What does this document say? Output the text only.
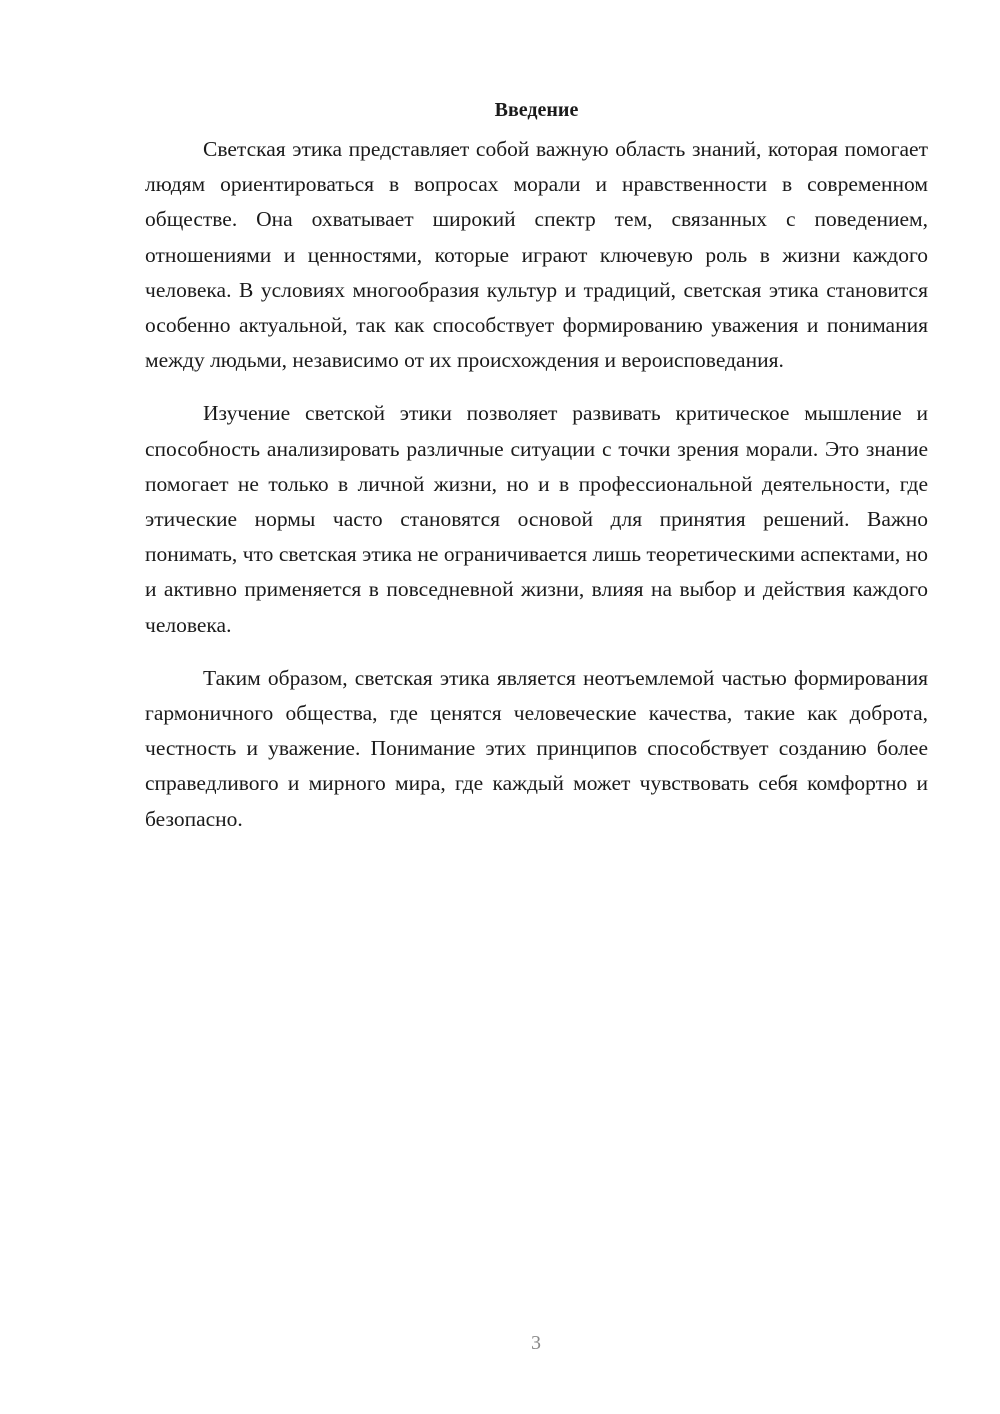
Введение

Светская этика представляет собой важную область знаний, которая помогает людям ориентироваться в вопросах морали и нравственности в современном обществе. Она охватывает широкий спектр тем, связанных с поведением, отношениями и ценностями, которые играют ключевую роль в жизни каждого человека. В условиях многообразия культур и традиций, светская этика становится особенно актуальной, так как способствует формированию уважения и понимания между людьми, независимо от их происхождения и вероисповедания.

Изучение светской этики позволяет развивать критическое мышление и способность анализировать различные ситуации с точки зрения морали. Это знание помогает не только в личной жизни, но и в профессиональной деятельности, где этические нормы часто становятся основой для принятия решений. Важно понимать, что светская этика не ограничивается лишь теоретическими аспектами, но и активно применяется в повседневной жизни, влияя на выбор и действия каждого человека.

Таким образом, светская этика является неотъемлемой частью формирования гармоничного общества, где ценятся человеческие качества, такие как доброта, честность и уважение. Понимание этих принципов способствует созданию более справедливого и мирного мира, где каждый может чувствовать себя комфортно и безопасно.

3
